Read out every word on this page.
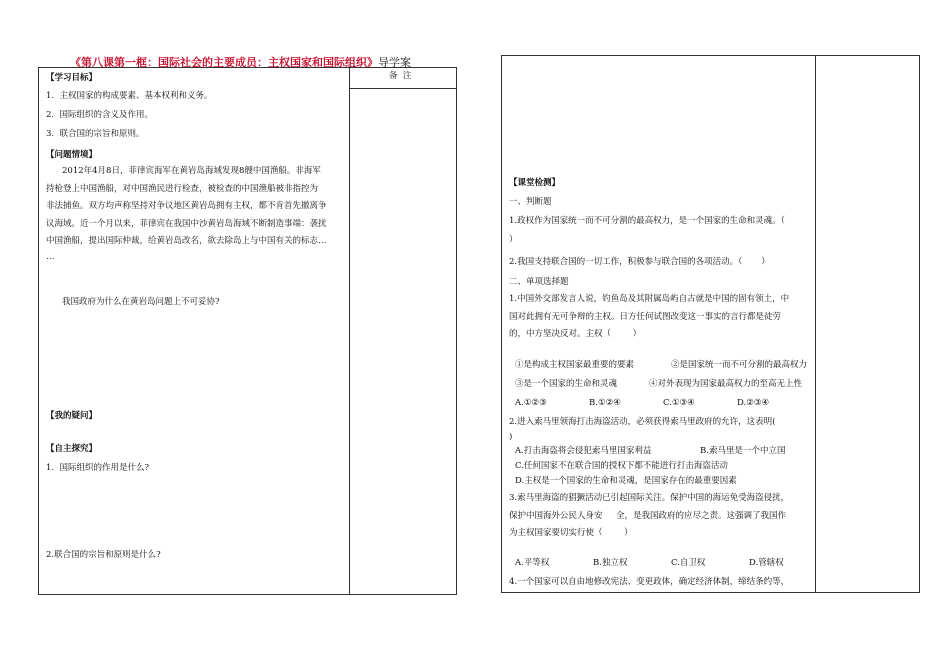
《第八课第一框：国际社会的主要成员：主权国家和国际组织》导学案
备  注
【学习目标】
1.  主权国家的构成要素、基本权利和义务。
2.  国际组织的含义及作用。
3.  联合国的宗旨和原则。
【问题情境】
2012年4月8日，菲律宾海军在黄岩岛海域发现8艘中国渔船。非海军
持枪登上中国渔船，对中国渔民进行检查，被检查的中国渔船被非指控为
非法捕鱼。双方均声称坚持对争议地区黄岩岛拥有主权，都不肯首先撤离争
议海域。近一个月以来，菲律宾在我国中沙黄岩岛海域不断制造事端：袭扰
中国渔船，提出国际仲裁，给黄岩岛改名，欲去除岛上与中国有关的标志…
…
我国政府为什么在黄岩岛问题上不可妥协?
【我的疑问】
【自主探究】
1.  国际组织的作用是什么?
2.联合国的宗旨和原则是什么?
【课堂检测】
一、判断题
1.政权作为国家统一而不可分割的最高权力，是一个国家的生命和灵魂。（
）
2.我国支持联合国的一切工作，积极参与联合国的各项活动。（       ）
二、单项选择题
1.中国外交部发言人说，钓鱼岛及其附属岛屿自古就是中国的固有领土，中
国对此拥有无可争辩的主权。日方任何试图改变这一事实的言行都是徒劳
的，中方坚决反对。主权（        ）
①是构成主权国家最重要的要素	②是国家统一而不可分割的最高权力
③是一个国家的生命和灵魂	④对外表现为国家最高权力的至高无上性
A.①②③	B.①②④	C.①③④	D.②③④
2.进入索马里领海打击海盗活动，必须获得索马里政府的允许，这表明(
)
A.打击海盗将会侵犯索马里国家利益	B.索马里是一个中立国
C.任何国家不在联合国的授权下都不能进行打击海盗活动
D.主权是一个国家的生命和灵魂，是国家存在的最重要因素
3.索马里海盗的猖獗活动已引起国际关注。保护中国的海运免受海盗侵扰，
保护中国海外公民人身安     全，是我国政府的应尽之责。这强调了我国作
为主权国家要切实行使（        ）
A.平等权	B.独立权	C.自卫权	D.管辖权
4.一个国家可以自由地修改宪法、变更政体，确定经济体制，缔结条约等，
